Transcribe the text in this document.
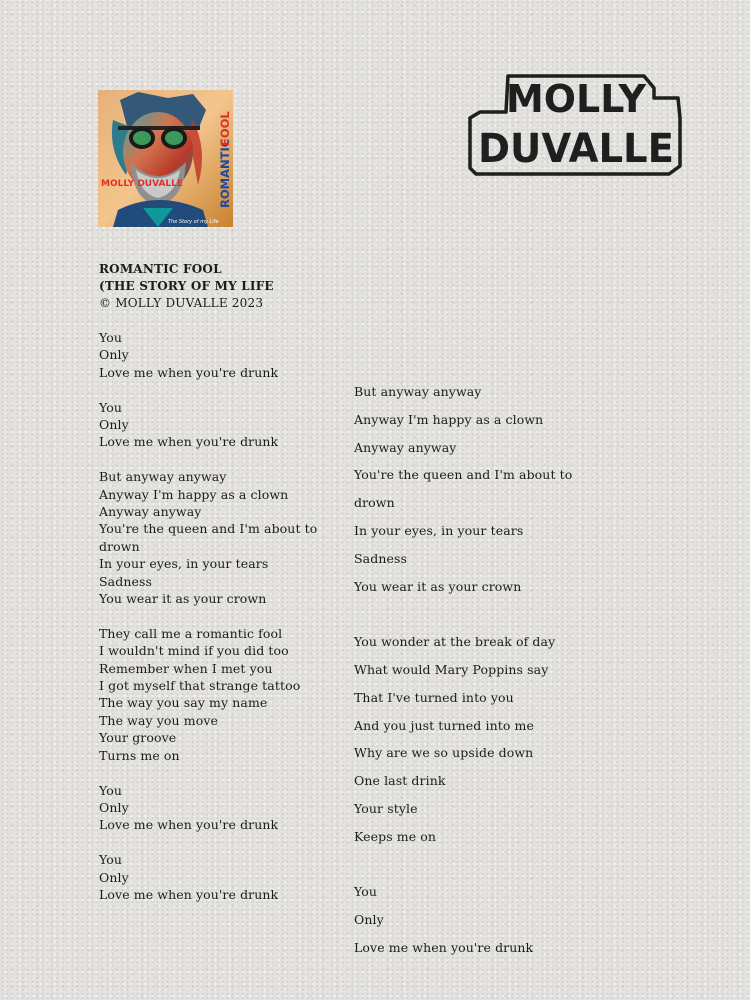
MOLLY DUVALLE	ROMANTIC
FOOL
The Story of my Life
MOLLY
DUVALLE
ROMANTIC FOOL
(THE STORY OF MY LIFE
© MOLLY DUVALLE 2023
You
Only
Love me when you're drunk
You
Only
Love me when you're drunk
But anyway anyway
Anyway I'm happy as a clown
Anyway anyway
You're the queen and I'm about to drown
In your eyes, in your tears
Sadness
You wear it as your crown
They call me a romantic fool
I wouldn't mind if you did too
Remember when I met you
I got myself that strange tattoo
The way you say my name
The way you move
Your groove
Turns me on
You
Only
Love me when you're drunk
You
Only
Love me when you're drunk
But anyway anyway
Anyway I'm happy as a clown
Anyway anyway
You're the queen and I'm about to drown
In your eyes, in your tears
Sadness
You wear it as your crown
You wonder at the break of day
What would Mary Poppins say
That I've turned into you
And you just turned into me
Why are we so upside down
One last drink
Your style
Keeps me on
You
Only
Love me when you're drunk
